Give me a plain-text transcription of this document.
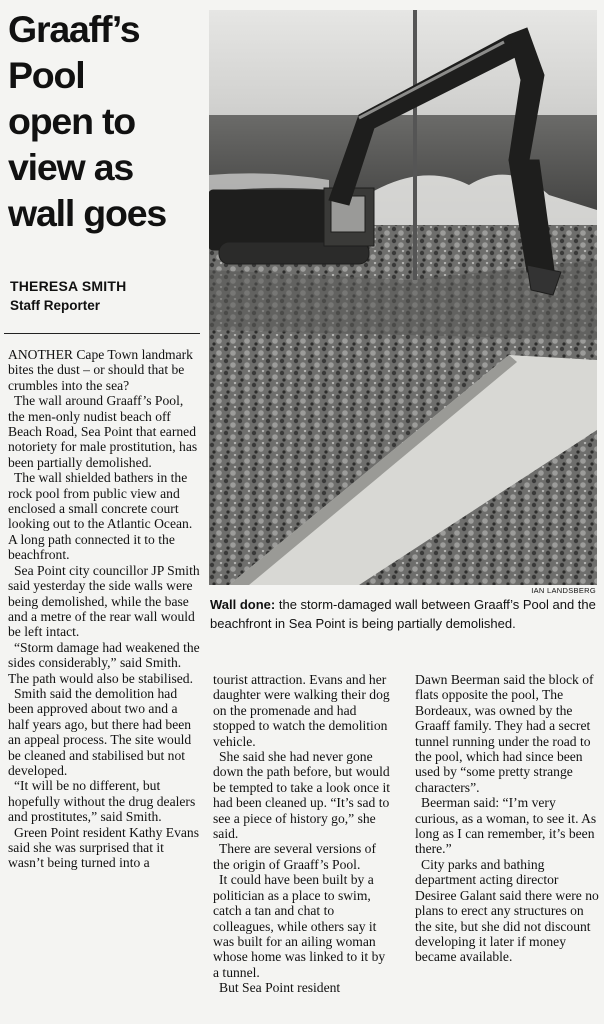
Graaff’s
Pool
open to
view as
wall goes
THERESA SMITH
Staff Reporter

ANOTHER Cape Town landmark bites the dust – or should that be crumbles into the sea?

The wall around Graaff’s Pool, the men-only nudist beach off Beach Road, Sea Point that earned notoriety for male prostitution, has been partially demolished.

The wall shielded bathers in the rock pool from public view and enclosed a small concrete court looking out to the Atlantic Ocean. A long path connected it to the beachfront.

Sea Point city councillor JP Smith said yesterday the side walls were being demolished, while the base and a metre of the rear wall would be left intact.

“Storm damage had weakened the sides considerably,” said Smith. The path would also be stabilised.

Smith said the demolition had been approved about two and a half years ago, but there had been an appeal process. The site would be cleaned and stabilised but not developed.

“It will be no different, but hopefully without the drug dealers and prostitutes,” said Smith.

Green Point resident Kathy Evans said she was surprised that it wasn’t being turned into a

IAN LANDSBERG
Wall done: the storm-damaged wall between Graaff’s Pool and the beachfront in Sea Point is being partially demolished.

tourist attraction. Evans and her daughter were walking their dog on the promenade and had stopped to watch the demolition vehicle.

She said she had never gone down the path before, but would be tempted to take a look once it had been cleaned up. “It’s sad to see a piece of history go,” she said.

There are several versions of the origin of Graaff’s Pool.

It could have been built by a politician as a place to swim, catch a tan and chat to colleagues, while others say it was built for an ailing woman whose home was linked to it by a tunnel.

But Sea Point resident

Dawn Beerman said the block of flats opposite the pool, The Bordeaux, was owned by the Graaff family. They had a secret tunnel running under the road to the pool, which had since been used by “some pretty strange characters”.

Beerman said: “I’m very curious, as a woman, to see it. As long as I can remember, it’s been there.”

City parks and bathing department acting director Desiree Galant said there were no plans to erect any structures on the site, but she did not discount developing it later if money became available.
